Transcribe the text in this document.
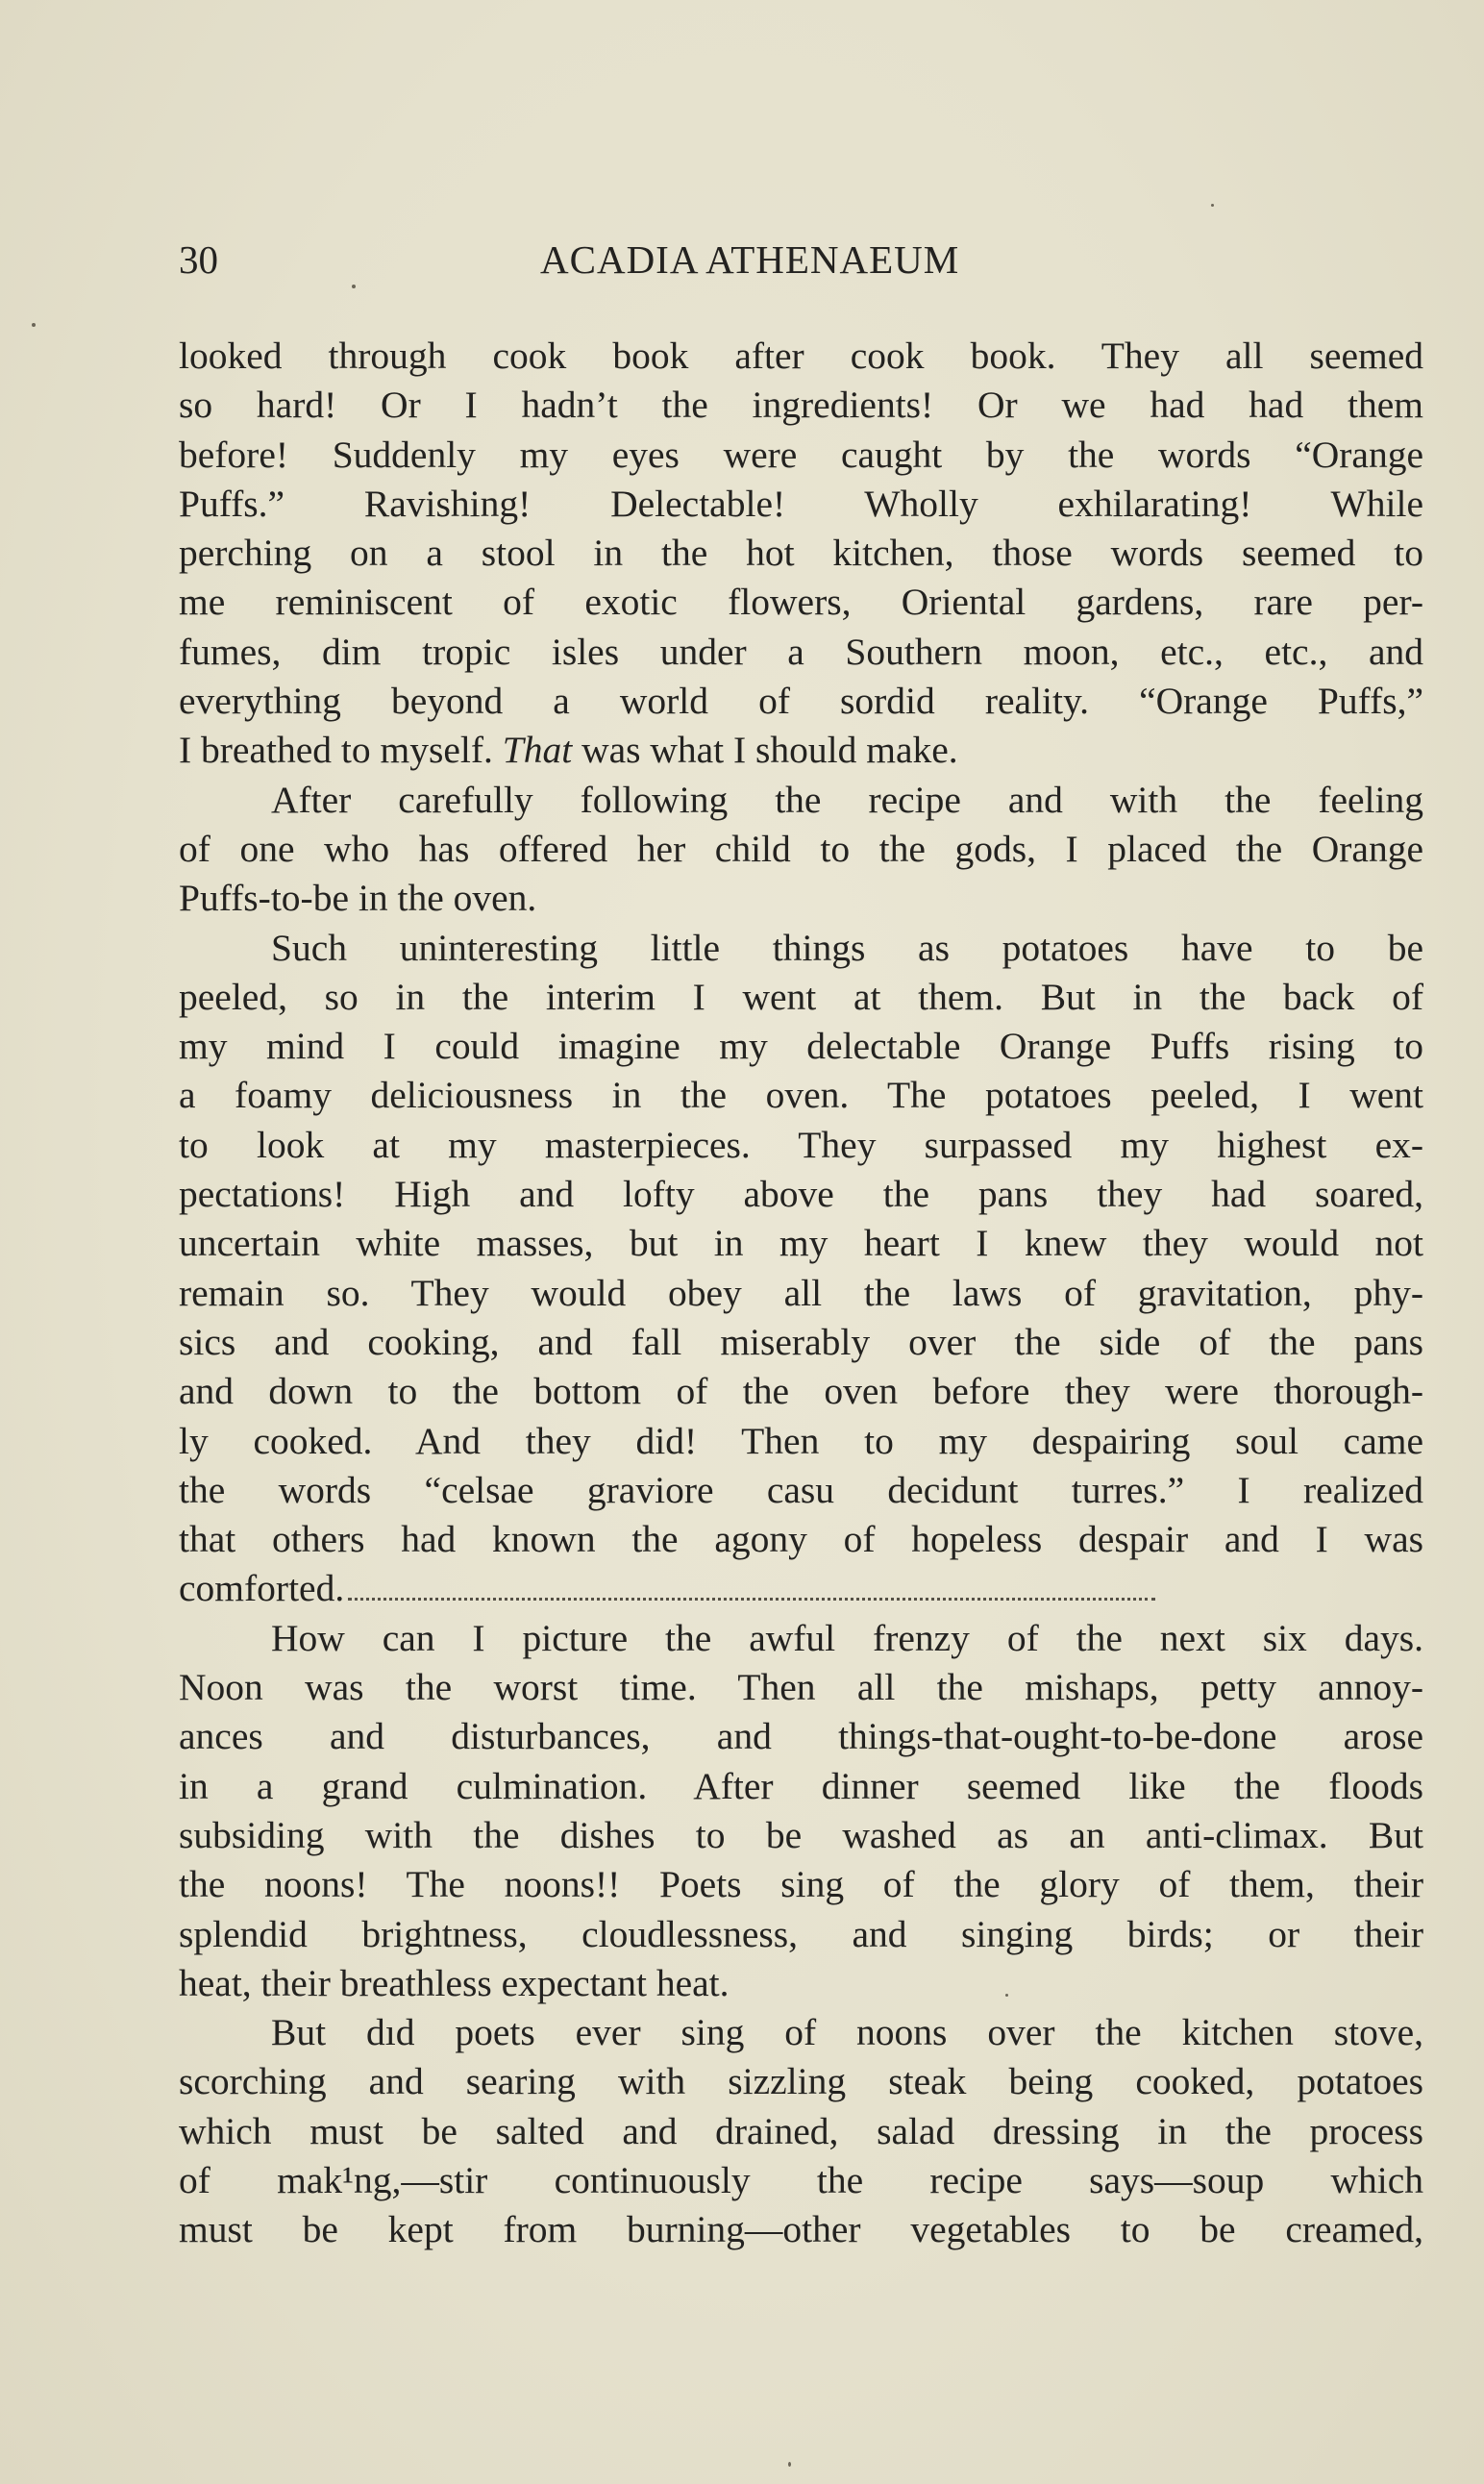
30	ACADIA ATHENAEUM
looked through cook book after cook book. They all seemed
so hard! Or I hadn’t the ingredients! Or we had had them
before! Suddenly my eyes were caught by the words “Orange
Puffs.” Ravishing! Delectable! Wholly exhilarating! While
perching on a stool in the hot kitchen, those words seemed to
me reminiscent of exotic flowers, Oriental gardens, rare per-
fumes, dim tropic isles under a Southern moon, etc., etc., and
everything beyond a world of sordid reality. “Orange Puffs,”
I breathed to myself. That was what I should make.
After carefully following the recipe and with the feeling
of one who has offered her child to the gods, I placed the Orange
Puffs-to-be in the oven.
Such uninteresting little things as potatoes have to be
peeled, so in the interim I went at them. But in the back of
my mind I could imagine my delectable Orange Puffs rising to
a foamy deliciousness in the oven. The potatoes peeled, I went
to look at my masterpieces. They surpassed my highest ex-
pectations! High and lofty above the pans they had soared,
uncertain white masses, but in my heart I knew they would not
remain so. They would obey all the laws of gravitation, phy-
sics and cooking, and fall miserably over the side of the pans
and down to the bottom of the oven before they were thorough-
ly cooked. And they did! Then to my despairing soul came
the words “celsae graviore casu decidunt turres.” I realized
that others had known the agony of hopeless despair and I was
comforted.
How can I picture the awful frenzy of the next six days.
Noon was the worst time. Then all the mishaps, petty annoy-
ances and disturbances, and things-that-ought-to-be-done arose
in a grand culmination. After dinner seemed like the floods
subsiding with the dishes to be washed as an anti-climax. But
the noons! The noons!! Poets sing of the glory of them, their
splendid brightness, cloudlessness, and singing birds; or their
heat, their breathless expectant heat.
But dıd poets ever sing of noons over the kitchen stove,
scorching and searing with sizzling steak being cooked, potatoes
which must be salted and drained, salad dressing in the process
of mak¹ng,—stir continuously the recipe says—soup which
must be kept from burning—other vegetables to be creamed,
